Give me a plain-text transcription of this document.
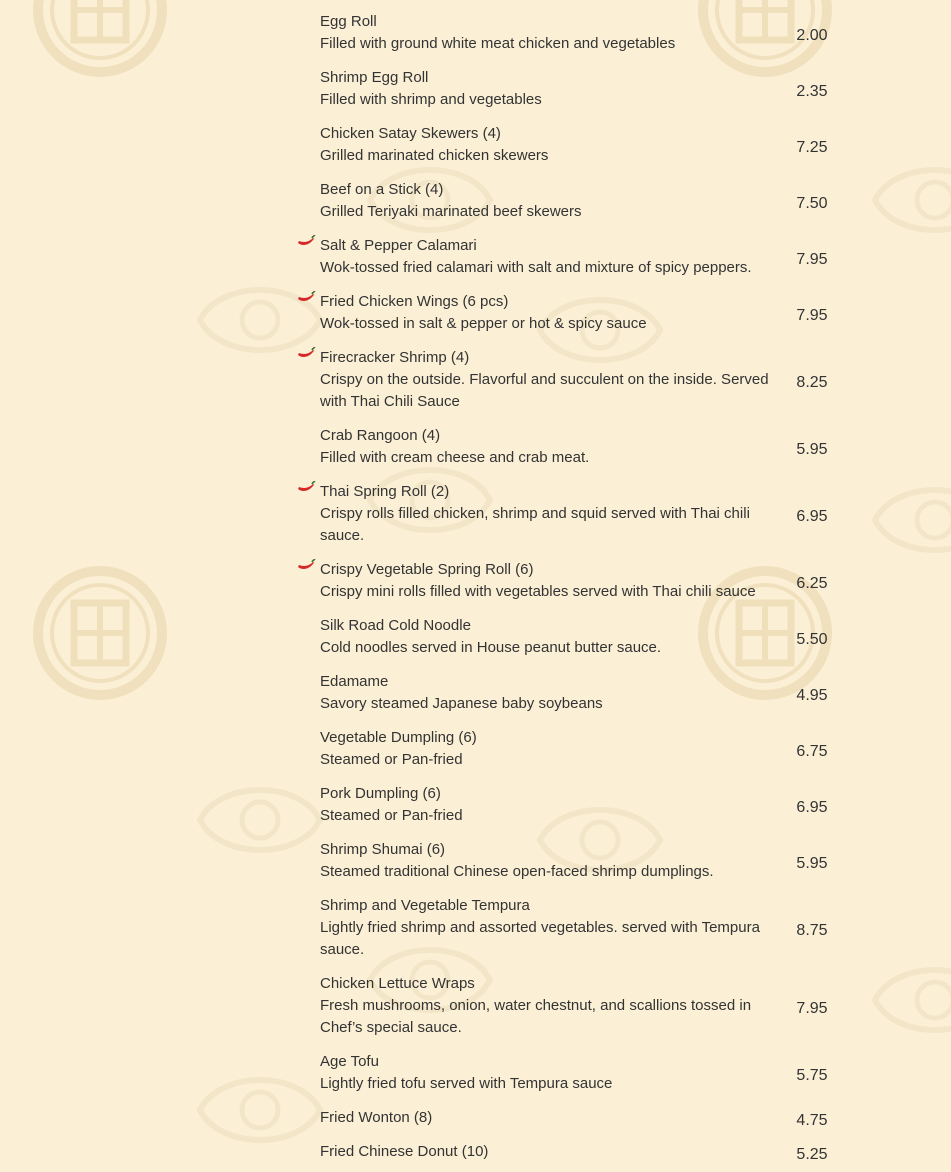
Egg Roll
Filled with ground white meat chicken and vegetables	2.00
Shrimp Egg Roll
Filled with shrimp and vegetables	2.35
Chicken Satay Skewers (4)
Grilled marinated chicken skewers	7.25
Beef on a Stick (4)
Grilled Teriyaki marinated beef skewers	7.50
Salt & Pepper Calamari
Wok-tossed fried calamari with salt and mixture of spicy peppers.	7.95
Fried Chicken Wings (6 pcs)
Wok-tossed in salt & pepper or hot & spicy sauce	7.95
Firecracker Shrimp (4)
Crispy on the outside. Flavorful and succulent on the inside. Served with Thai Chili Sauce
8.25
Crab Rangoon (4)
Filled with cream cheese and crab meat.	5.95
Thai Spring Roll (2)
Crispy rolls filled chicken, shrimp and squid served with Thai chili sauce.
6.95
Crispy Vegetable Spring Roll (6)
Crispy mini rolls filled with vegetables served with Thai chili sauce	6.25
Silk Road Cold Noodle
Cold noodles served in House peanut butter sauce.	5.50
Edamame
Savory steamed Japanese baby soybeans	4.95
Vegetable Dumpling (6)
Steamed or Pan-fried	6.75
Pork Dumpling (6)
Steamed or Pan-fried	6.95
Shrimp Shumai (6)
Steamed traditional Chinese open-faced shrimp dumplings.	5.95
Shrimp and Vegetable Tempura
Lightly fried shrimp and assorted vegetables. served with Tempura sauce.
8.75
Chicken Lettuce Wraps
Fresh mushrooms, onion, water chestnut, and scallions tossed in Chef’s special sauce.
7.95
Age Tofu
Lightly fried tofu served with Tempura sauce	5.75
Fried Wonton (8)	4.75
Fried Chinese Donut (10)	5.25
